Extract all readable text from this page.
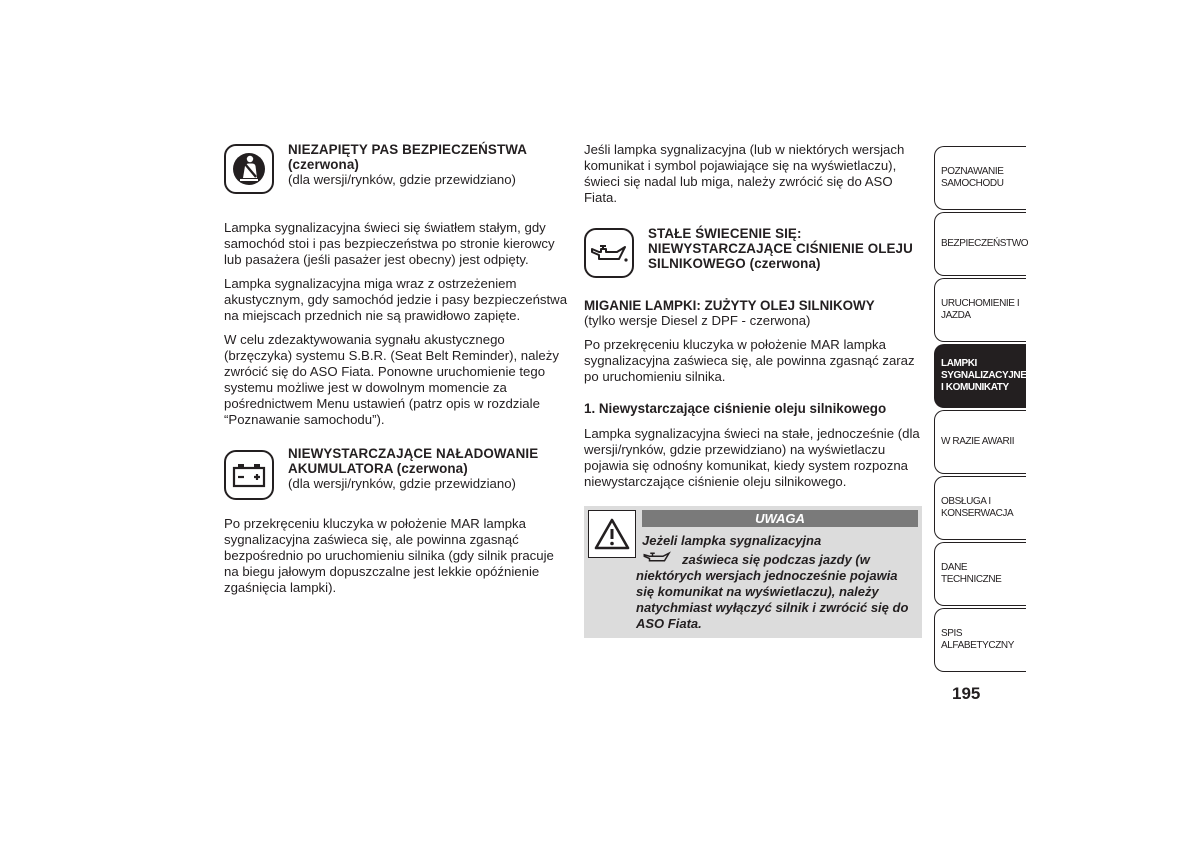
NIEZAPIĘTY PAS BEZPIECZEŃSTWA (czerwona)
(dla wersji/rynków, gdzie przewidziano)

Lampka sygnalizacyjna świeci się światłem stałym, gdy samochód stoi i pas bezpieczeństwa po stronie kierowcy lub pasażera (jeśli pasażer jest obecny) jest odpięty.

Lampka sygnalizacyjna miga wraz z ostrzeżeniem akustycznym, gdy samochód jedzie i pasy bezpieczeństwa na miejscach przednich nie są prawidłowo zapięte.

W celu zdezaktywowania sygnału akustycznego (brzęczyka) systemu S.B.R. (Seat Belt Reminder), należy zwrócić się do ASO Fiata. Ponowne uruchomienie tego systemu możliwe jest w dowolnym momencie za pośrednictwem Menu ustawień (patrz opis w rozdziale “Poznawanie samochodu”).

NIEWYSTARCZAJĄCE NAŁADOWANIE AKUMULATORA (czerwona)
(dla wersji/rynków, gdzie przewidziano)

Po przekręceniu kluczyka w położenie MAR lampka sygnalizacyjna zaświeca się, ale powinna zgasnąć bezpośrednio po uruchomieniu silnika (gdy silnik pracuje na biegu jałowym dopuszczalne jest lekkie opóźnienie zgaśnięcia lampki).

Jeśli lampka sygnalizacyjna (lub w niektórych wersjach komunikat i symbol pojawiające się na wyświetlaczu), świeci się nadal lub miga, należy zwrócić się do ASO Fiata.

STAŁE ŚWIECENIE SIĘ: NIEWYSTARCZAJĄCE CIŚNIENIE OLEJU SILNIKOWEGO (czerwona)
MIGANIE LAMPKI: ZUŻYTY OLEJ SILNIKOWY

(tylko wersje Diesel z DPF - czerwona)

Po przekręceniu kluczyka w położenie MAR lampka sygnalizacyjna zaświeca się, ale powinna zgasnąć zaraz po uruchomieniu silnika.

1. Niewystarczające ciśnienie oleju silnikowego

Lampka sygnalizacyjna świeci na stałe, jednocześnie (dla wersji/rynków, gdzie przewidziano) na wyświetlaczu pojawia się odnośny komunikat, kiedy system rozpozna niewystarczające ciśnienie oleju silnikowego.

UWAGA
Jeżeli lampka sygnalizacyjna
zaświeca się podczas jazdy (w niektórych wersjach jednocześnie pojawia się komunikat na wyświetlaczu), należy natychmiast wyłączyć silnik i zwrócić się do ASO Fiata.
POZNAWANIE
SAMOCHODU
BEZPIECZEŃSTWO
URUCHOMIENIE I
JAZDA
LAMPKI
SYGNALIZACYJNE
I KOMUNIKATY
W RAZIE AWARII
OBSŁUGA I
KONSERWACJA
DANE TECHNICZNE
SPIS ALFABETYCZNY
195
